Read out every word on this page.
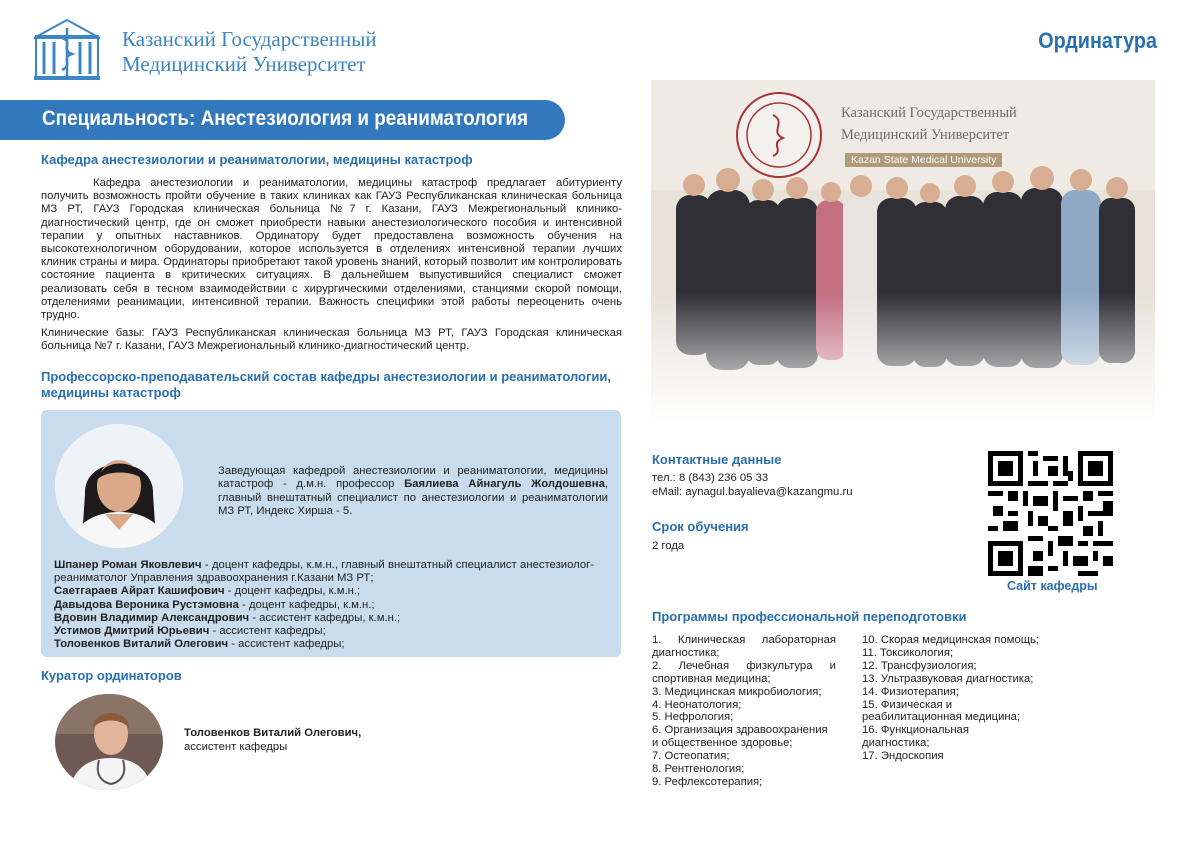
Казанский Государственный
Медицинский Университет
Ординатура
Специальность: Анестезиология и реаниматология
Кафедра анестезиологии и реаниматологии, медицины катастроф
Кафедра анестезиологии и реаниматологии, медицины катастроф предлагает абитуриенту получить возможность пройти обучение в таких клиниках как ГАУЗ Республиканская клиническая больница МЗ РТ, ГАУЗ Городская клиническая больница №7 г. Казани, ГАУЗ Межрегиональный клинико-диагностический центр, где он сможет приобрести навыки анестезиологического пособия и интенсивной терапии у опытных наставников. Ординатору будет предоставлена возможность обучения на высокотехнологичном оборудовании, которое используется в отделениях интенсивной терапии лучших клиник страны и мира. Ординаторы приобретают такой уровень знаний, который позволит им контролировать состояние пациента в критических ситуациях. В дальнейшем выпустившийся специалист сможет реализовать себя в тесном взаимодействии с хирургическими отделениями, станциями скорой помощи, отделениями реанимации, интенсивной терапии. Важность специфики этой работы переоценить очень трудно.
Клинические базы: ГАУЗ Республиканская клиническая больница МЗ РТ, ГАУЗ Городская клиническая больница №7 г. Казани, ГАУЗ Межрегиональный клинико-диагностический центр.
Профессорско-преподавательский состав кафедры анестезиологии и реаниматологии,
медицины катастроф
Заведующая кафедрой анестезиологии и реаниматологии, медицины катастроф - д.м.н. профессор Баялиева Айнагуль Жолдошевна, главный внештатный специалист по анестезиологии и реаниматологии МЗ РТ, Индекс Хирша - 5.
Шпанер Роман Яковлевич - доцент кафедры, к.м.н., главный внештатный специалист анестезиолог-реаниматолог Управления здравоохранения г.Казани МЗ РТ;
Саетгараев Айрат Кашифович - доцент кафедры, к.м.н.;
Давыдова Вероника Рустэмовна - доцент кафедры, к.м.н.;
Вдовин Владимир Александрович - ассистент кафедры, к.м.н.;
Устимов Дмитрий Юрьевич - ассистент кафедры;
Толовенков Виталий Олегович - ассистент кафедры;
Куратор ординаторов
Толовенков Виталий Олегович,
ассистент кафедры
Казанский Государственный
Медицинский Университет
Kazan State Medical University
Контактные данные
тел.: 8 (843) 236 05 33
eMail: aynagul.bayalieva@kazangmu.ru
Срок обучения
2 года
Сайт кафедры
Программы профессиональной переподготовки
1. Клиническая лабораторная
диагностика;
2. Лечебная физкультура и
спортивная медицина;
3. Медицинская микробиология;
4. Неонатология;
5. Нефрология;
6. Организация здравоохранения
и общественное здоровье;
7. Остеопатия;
8. Рентгенология;
9. Рефлексотерапия;
10. Скорая медицинская помощь;
11. Токсикология;
12. Трансфузиология;
13. Ультразвуковая диагностика;
14. Физиотерапия;
15. Физическая и
реабилитационная медицина;
16. Функциональная
диагностика;
17. Эндоскопия
